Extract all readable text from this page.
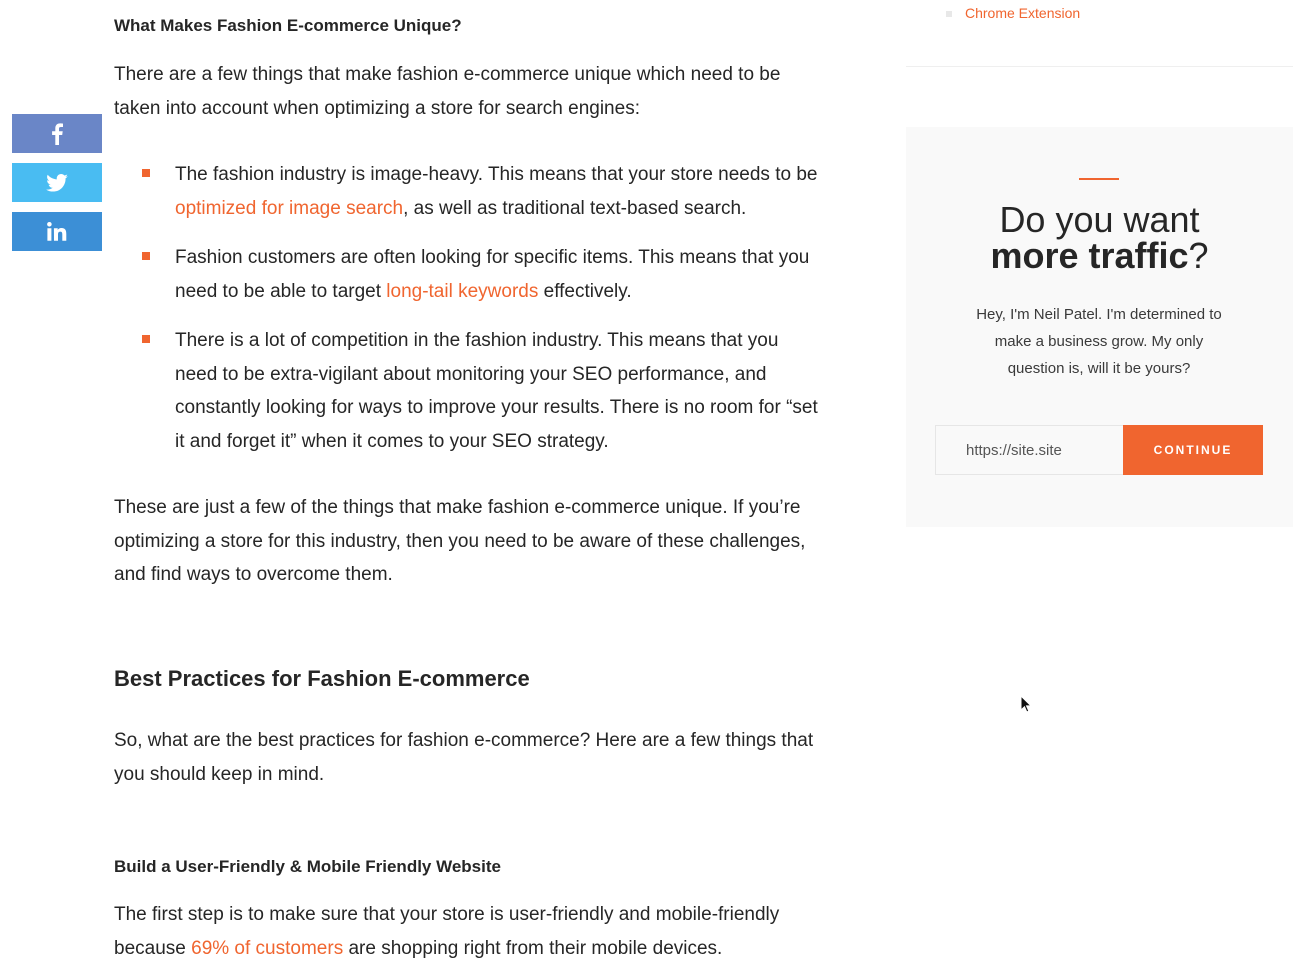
What Makes Fashion E-commerce Unique?

There are a few things that make fashion e-commerce unique which need to be taken into account when optimizing a store for search engines:

The fashion industry is image-heavy. This means that your store needs to be optimized for image search, as well as traditional text-based search.

Fashion customers are often looking for specific items. This means that you need to be able to target long-tail keywords effectively.

There is a lot of competition in the fashion industry. This means that you need to be extra-vigilant about monitoring your SEO performance, and constantly looking for ways to improve your results. There is no room for “set it and forget it” when it comes to your SEO strategy.

These are just a few of the things that make fashion e-commerce unique. If you’re optimizing a store for this industry, then you need to be aware of these challenges, and find ways to overcome them.

Best Practices for Fashion E-commerce

So, what are the best practices for fashion e-commerce? Here are a few things that you should keep in mind.

Build a User-Friendly & Mobile Friendly Website

The first step is to make sure that your store is user-friendly and mobile-friendly because 69% of customers are shopping right from their mobile devices.

Chrome Extension
Do you want
more traffic?

Hey, I'm Neil Patel. I'm determined to make a business grow. My only question is, will it be yours?

https://site.site
CONTINUE
